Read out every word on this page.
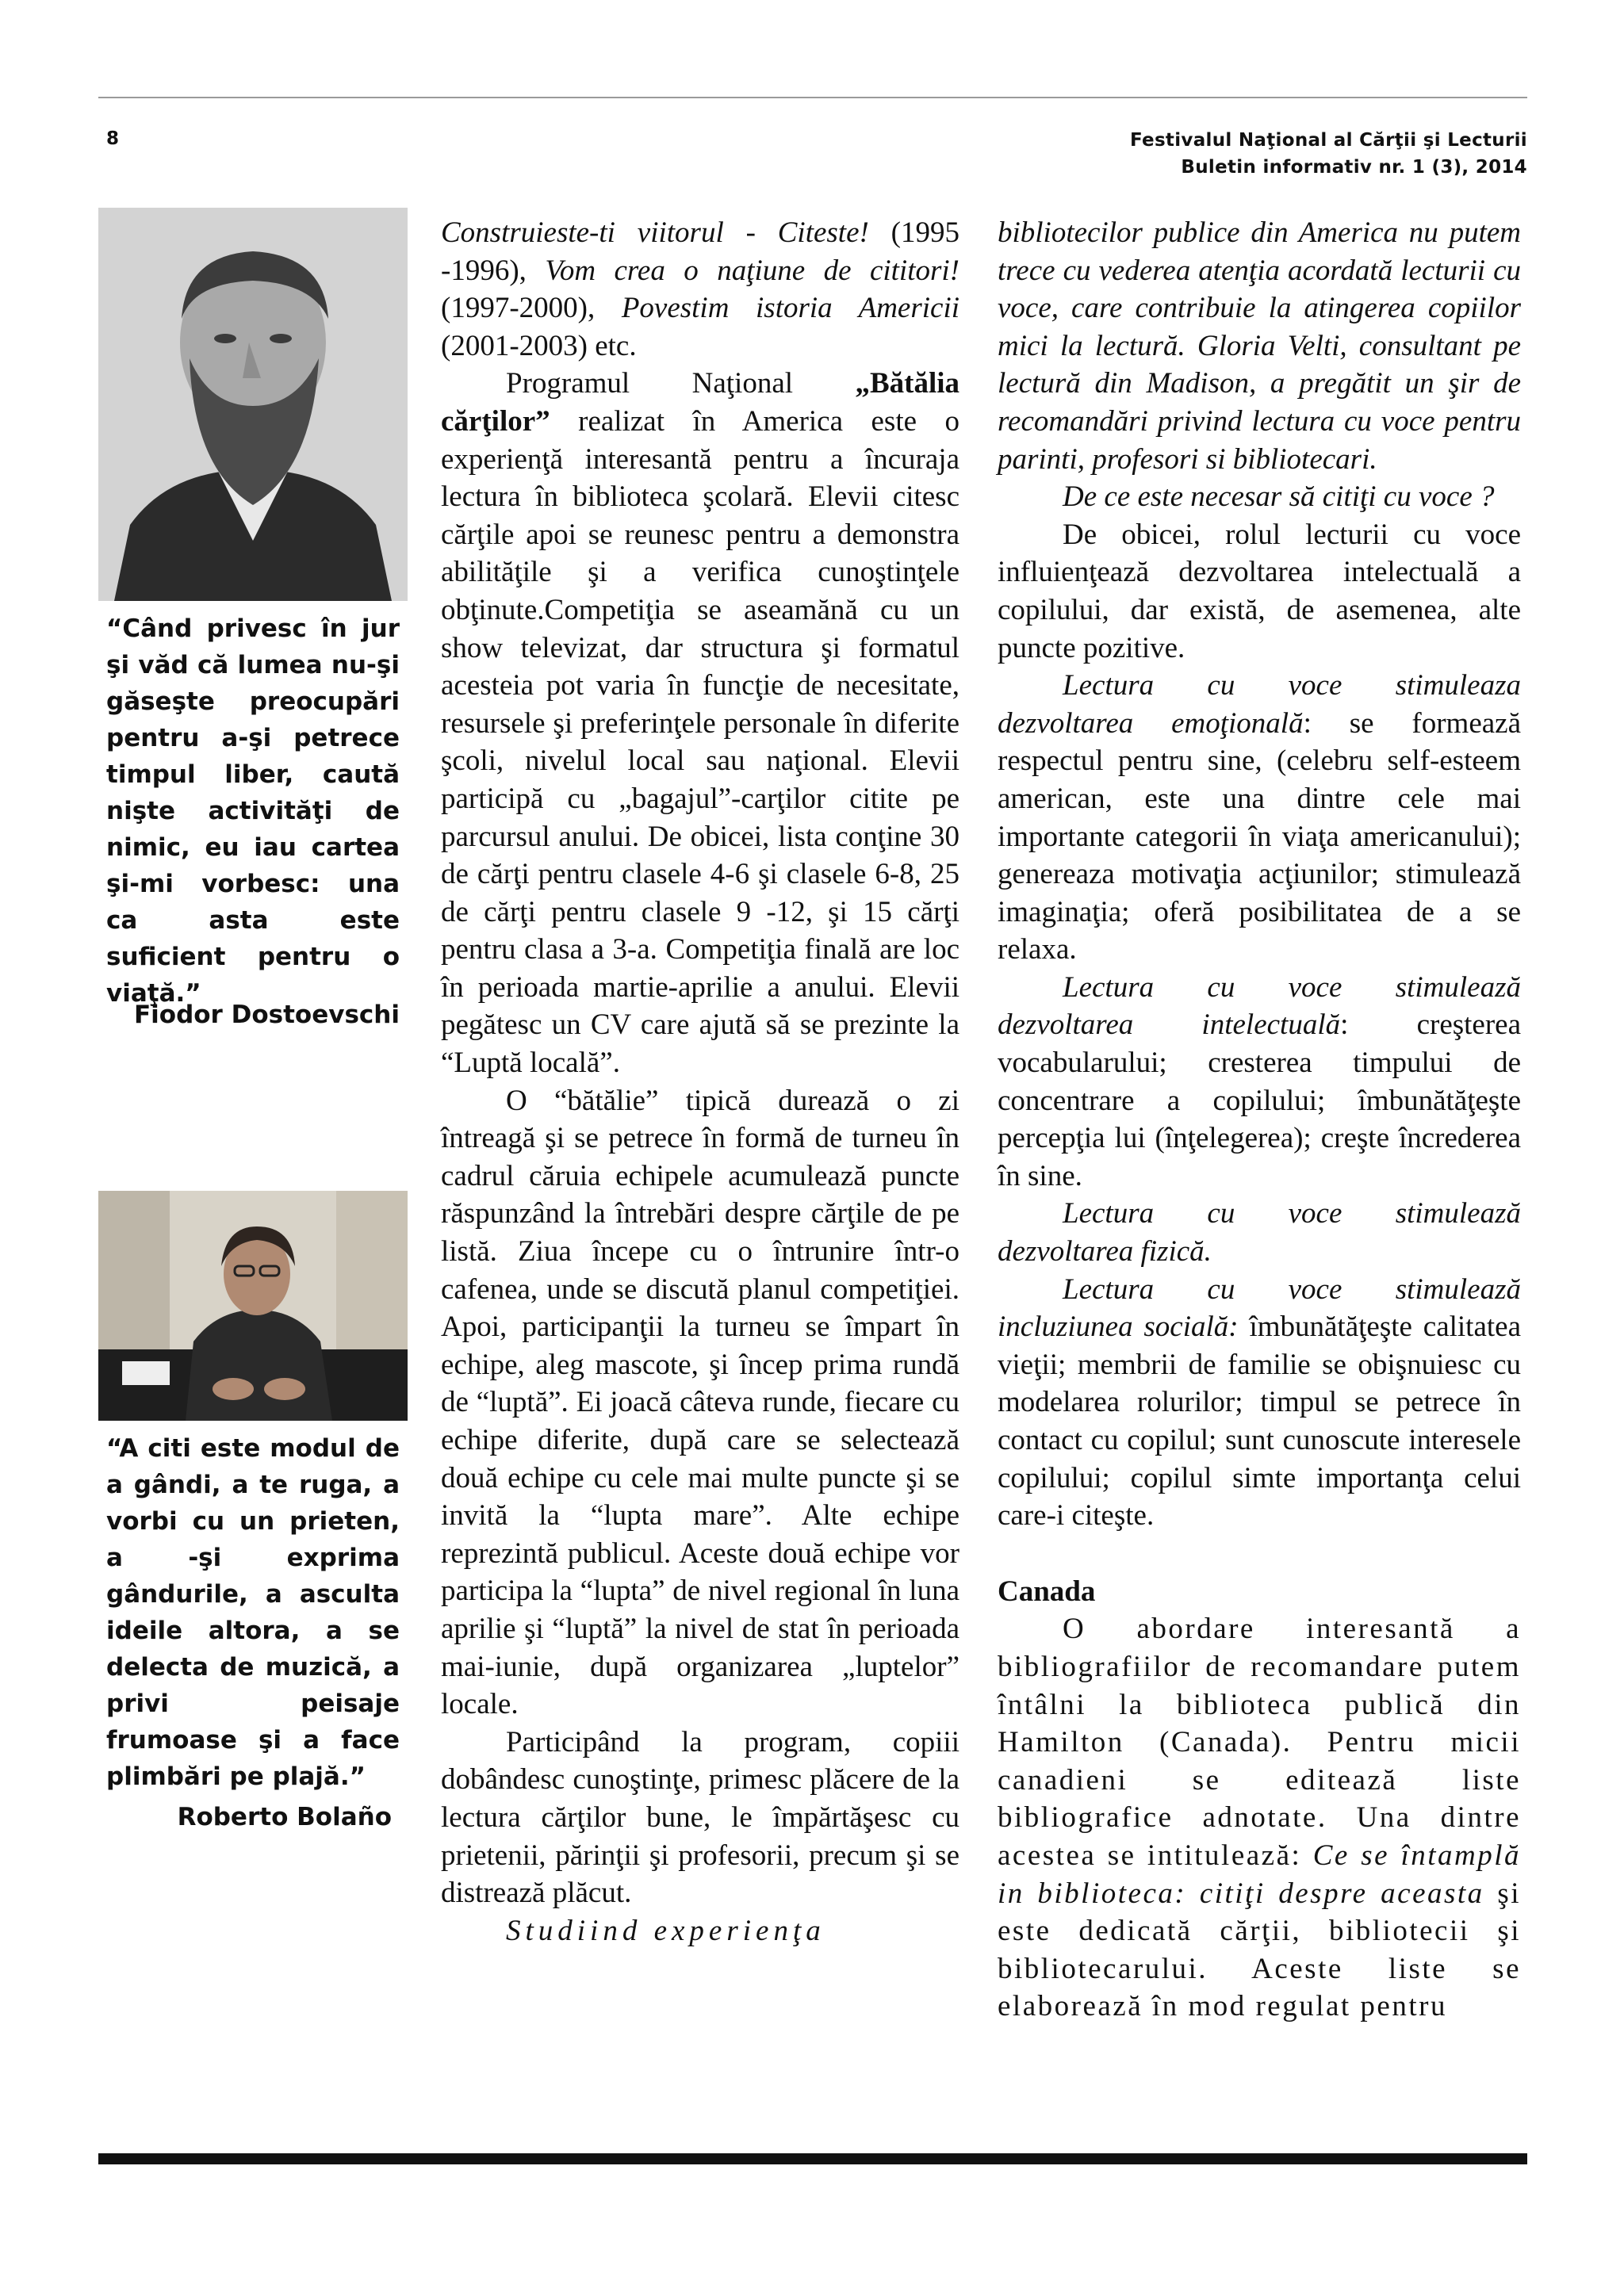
8	Festivalul Naţional al Cărţii şi Lecturii
Buletin informativ nr. 1 (3), 2014
“Când privesc în jur şi văd că lumea nu-şi găseşte preocupări pentru a-şi petrece timpul liber, caută nişte activităţi de nimic, eu iau cartea şi-mi vorbesc: una ca asta este suficient pentru o viaţă.”
Fiodor Dostoevschi
“A citi este modul de a gândi, a te ruga, a vorbi cu un prieten, a -şi exprima gândurile, a asculta ideile altora, a se delecta de muzică, a privi peisaje frumoase şi a face plimbări pe plajă.”
Roberto Bolaño

Construieste-ti viitorul - Citeste! (1995 -1996), Vom crea o naţiune de cititori! (1997-2000), Povestim istoria Americii (2001-2003) etc.

Programul Naţional „Bătălia cărţilor” realizat în America este o experienţă interesantă pentru a încuraja lectura în biblioteca şcolară. Elevii citesc cărţile apoi se reunesc pentru a demonstra abilităţile şi a verifica cunoştinţele obţinute.Competiţia se aseamănă cu un show televizat, dar structura şi formatul acesteia pot varia în funcţie de necesitate, resursele şi preferinţele personale în diferite şcoli, nivelul local sau naţional. Elevii participă cu „bagajul”-carţilor citite pe parcursul anului. De obicei, lista conţine 30 de cărţi pentru clasele 4-6 şi clasele 6-8, 25 de cărţi pentru clasele 9 -12, şi 15 cărţi pentru clasa a 3-a. Competiţia finală are loc în perioada martie-aprilie a anului. Elevii pegătesc un CV care ajută să se prezinte la “Luptă locală”.

O “bătălie” tipică durează o zi întreagă şi se petrece în formă de turneu în cadrul căruia echipele acumulează puncte răspunzând la întrebări despre cărţile de pe listă. Ziua începe cu o întrunire într-o cafenea, unde se discută planul competiţiei. Apoi, participanţii la turneu se împart în echipe, aleg mascote, şi încep prima rundă de “luptă”. Ei joacă câteva runde, fiecare cu echipe diferite, după care se selectează două echipe cu cele mai multe puncte şi se invită la “lupta mare”. Alte echipe reprezintă publicul. Aceste două echipe vor participa la “lupta” de nivel regional în luna aprilie şi “luptă” la nivel de stat în perioada mai-iunie, după organizarea „luptelor” locale.

Participând la program, copiii dobândesc cunoştinţe, primesc plăcere de la lectura cărţilor bune, le împărtăşesc cu prietenii, părinţii şi profesorii, precum şi se distrează plăcut.

Studiind experienţa

bibliotecilor publice din America nu putem trece cu vederea atenţia acordată lecturii cu voce, care contribuie la atingerea copiilor mici la lectură. Gloria Velti, consultant pe lectură din Madison, a pregătit un şir de recomandări privind lectura cu voce pentru parinti, profesori si bibliotecari.

De ce este necesar să citiţi cu voce ?

De obicei, rolul lecturii cu voce influienţează dezvoltarea intelectuală a copilului, dar există, de asemenea, alte puncte pozitive.

Lectura cu voce stimuleaza dezvoltarea emoţională: se formează respectul pentru sine, (celebru self-esteem american, este una dintre cele mai importante categorii în viaţa americanului); genereaza motivaţia acţiunilor; stimulează imaginaţia; oferă posibilitatea de a se relaxa.

Lectura cu voce stimulează dezvoltarea intelectuală: creşterea vocabularului; cresterea timpului de concentrare a copilului; îmbunătăţeşte percepţia lui (înţelegerea); creşte încrederea în sine.

Lectura cu voce stimulează dezvoltarea fizică.

Lectura cu voce stimulează incluziunea socială: îmbunătăţeşte calitatea vieţii; membrii de familie se obişnuiesc cu modelarea rolurilor; timpul se petrece în contact cu copilul; sunt cunoscute interesele copilului; copilul simte importanţa celui care-i citeşte.

Canada

O abordare interesantă a bibliografiilor de recomandare putem întâlni la biblioteca publică din Hamilton (Canada). Pentru micii canadieni se editează liste bibliografice adnotate. Una dintre acestea se intitulează: Ce se întamplă in biblioteca: citiţi despre aceasta şi este dedicată cărţii, bibliotecii şi bibliotecarului. Aceste liste se elaborează în mod regulat pentru
